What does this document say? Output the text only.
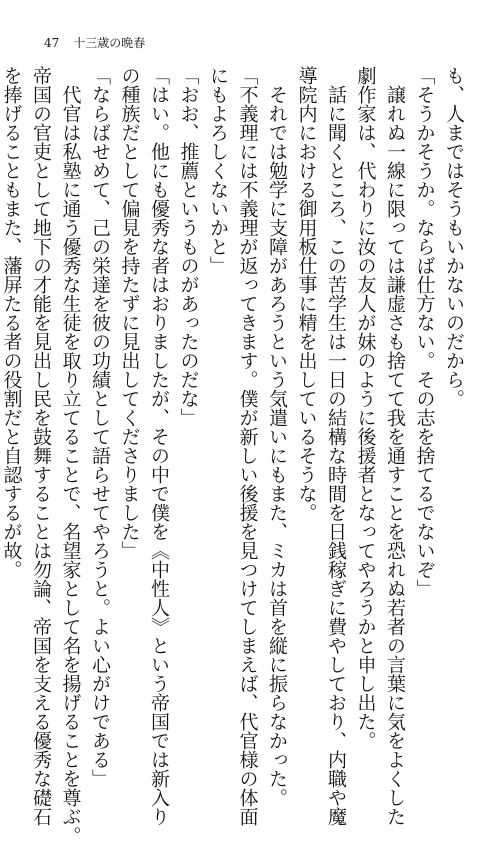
47 十三歳の晩春
も、人まではそうもいかないのだから。
「そうかそうか。ならば仕方ない。その志を捨てるでないぞ」
　譲れぬ一線に限っては謙虚さも捨てて我を通すことを恐れぬ若者の言葉に気をよくした
劇作家は、代わりに汝の友人が妹のように後援者となってやろうかと申し出た。
　話に聞くところ、この苦学生は一日の結構な時間を日銭稼ぎに費やしており、内職や魔
導院内における御用板仕事に精を出しているそうな。
　それでは勉学に支障があろうという気遣いにもまた、ミカは首を縦に振らなかった。
「不義理には不義理が返ってきます。僕が新しい後援を見つけてしまえば、代官様の体面
にもよろしくないかと」
「おお、推薦というものがあったのだな」
「はい。他にも優秀な者はおりましたが、その中で僕を《中性人》という帝国では新入り
の種族だとして偏見を持たずに見出してくださりました」
「ならばせめて、己の栄達を彼の功績として語らせてやろうと。よい心がけである」
　代官は私塾に通う優秀な生徒を取り立てることで、名望家として名を揚げることを尊ぶ。
帝国の官吏として地下の才能を見出し民を鼓舞することは勿論、帝国を支える優秀な礎石
を捧げることもまた、藩屏たる者の役割だと自認するが故。
